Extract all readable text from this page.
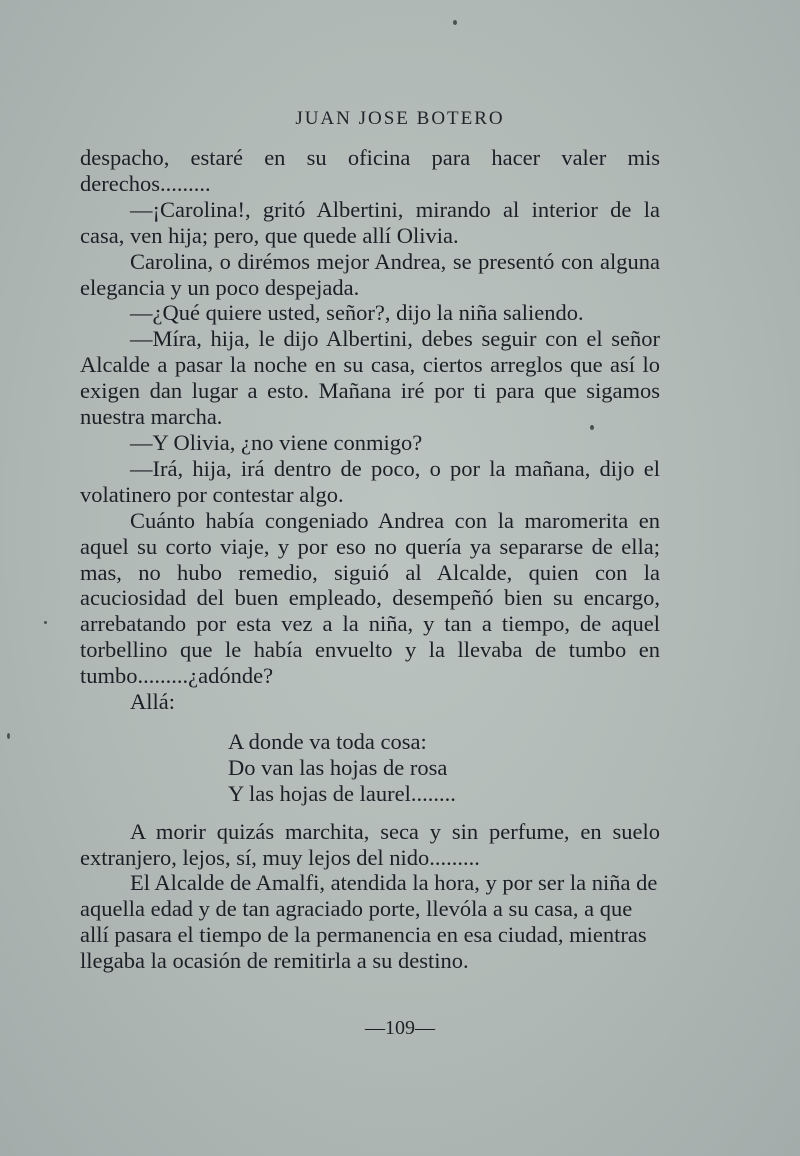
JUAN JOSE BOTERO

despacho, estaré en su oficina para hacer valer mis derechos.........

—¡Carolina!, gritó Albertini, mirando al interior de la casa, ven hija; pero, que quede allí Olivia.

Carolina, o dirémos mejor Andrea, se presentó con alguna elegancia y un poco despejada.

—¿Qué quiere usted, señor?, dijo la niña saliendo.

—Míra, hija, le dijo Albertini, debes seguir con el señor Alcalde a pasar la noche en su casa, ciertos arreglos que así lo exigen dan lugar a esto. Mañana iré por ti para que sigamos nuestra marcha.

—Y Olivia, ¿no viene conmigo?

—Irá, hija, irá dentro de poco, o por la mañana, dijo el volatinero por contestar algo.

Cuánto había congeniado Andrea con la maromerita en aquel su corto viaje, y por eso no quería ya separarse de ella; mas, no hubo remedio, siguió al Alcalde, quien con la acuciosidad del buen empleado, desempeñó bien su encargo, arrebatando por esta vez a la niña, y tan a tiempo, de aquel torbellino que le había envuelto y la llevaba de tumbo en tumbo.........¿adónde?

Allá:

A donde va toda cosa:
Do van las hojas de rosa
Y las hojas de laurel........

A morir quizás marchita, seca y sin perfume, en suelo extranjero, lejos, sí, muy lejos del nido.........

El Alcalde de Amalfi, atendida la hora, y por ser la niña de aquella edad y de tan agraciado porte, llevóla a su casa, a que allí pasara el tiempo de la permanencia en esa ciudad, mientras llegaba la ocasión de remitirla a su destino.

—109—
